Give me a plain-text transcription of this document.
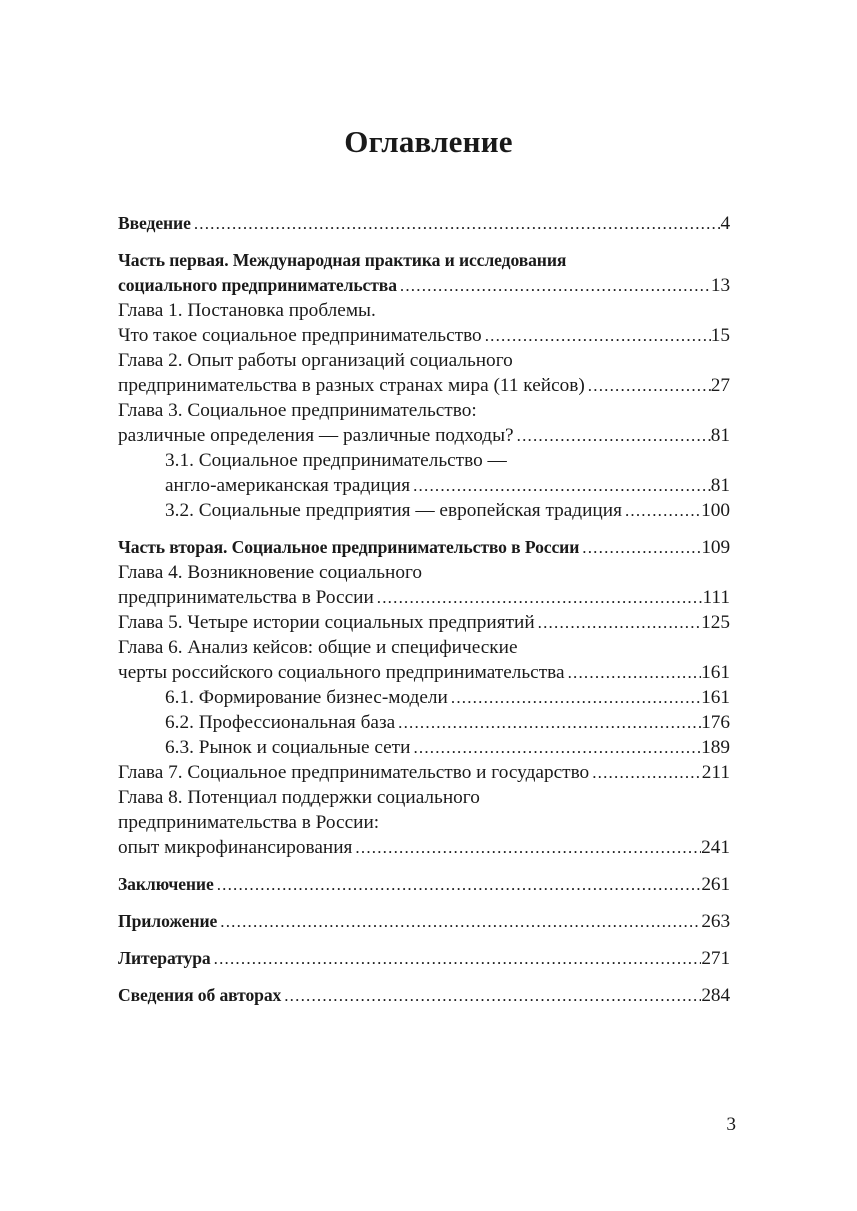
Оглавление
Введение .....	4
Часть первая. Международная практика и исследования
социального предпринимательства .....	13
Глава 1. Постановка проблемы.
Что такое социальное предпринимательство .....	15
Глава 2. Опыт работы организаций социального
предпринимательства в разных странах мира (11 кейсов) .....	27
Глава 3. Социальное предпринимательство:
различные определения — различные подходы? .....	81
3.1. Социальное предпринимательство —
англо-американская традиция .....	81
3.2. Социальные предприятия — европейская традиция .....	100
Часть вторая. Социальное предпринимательство в России .....	109
Глава 4. Возникновение социального
предпринимательства в России .....	111
Глава 5. Четыре истории социальных предприятий .....	125
Глава 6. Анализ кейсов: общие и специфические
черты российского социального предпринимательства .....	161
6.1. Формирование бизнес-модели .....	161
6.2. Профессиональная база .....	176
6.3. Рынок и социальные сети .....	189
Глава 7. Социальное предпринимательство и государство .....	211
Глава 8. Потенциал поддержки социального
предпринимательства в России:
опыт микрофинансирования .....	241
Заключение .....	261
Приложение .....	263
Литература .....	271
Сведения об авторах .....	284
3
